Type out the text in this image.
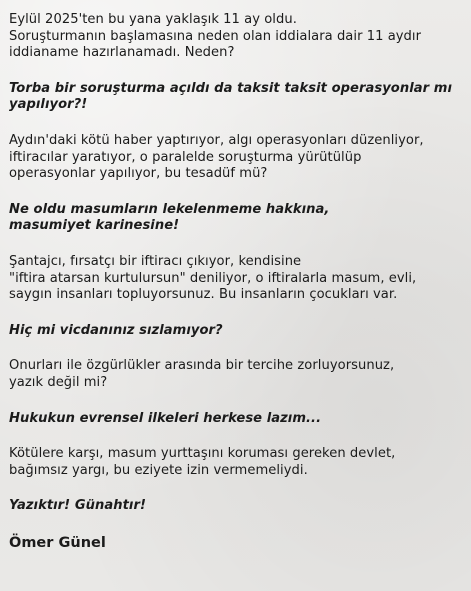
Eylül 2025'ten bu yana yaklaşık 11 ay oldu.
Soruşturmanın başlamasına neden olan iddialara dair 11 aydır
iddianame hazırlanamadı. Neden?

Torba bir soruşturma açıldı da taksit taksit operasyonlar mı
yapılıyor?!

Aydın'daki kötü haber yaptırıyor, algı operasyonları düzenliyor,
iftiracılar yaratıyor, o paralelde soruşturma yürütülüp
operasyonlar yapılıyor, bu tesadüf mü?

Ne oldu masumların lekelenmeme hakkına,
masumiyet karinesine!

Şantajcı, fırsatçı bir iftiracı çıkıyor, kendisine
"iftira atarsan kurtulursun" deniliyor, o iftiralarla masum, evli,
saygın insanları topluyorsunuz. Bu insanların çocukları var.

Hiç mi vicdanınız sızlamıyor?

Onurları ile özgürlükler arasında bir tercihe zorluyorsunuz,
yazık değil mi?

Hukukun evrensel ilkeleri herkese lazım...

Kötülere karşı, masum yurttaşını koruması gereken devlet,
bağımsız yargı, bu eziyete izin vermemeliydi.

Yazıktır! Günahtır!

Ömer Günel
